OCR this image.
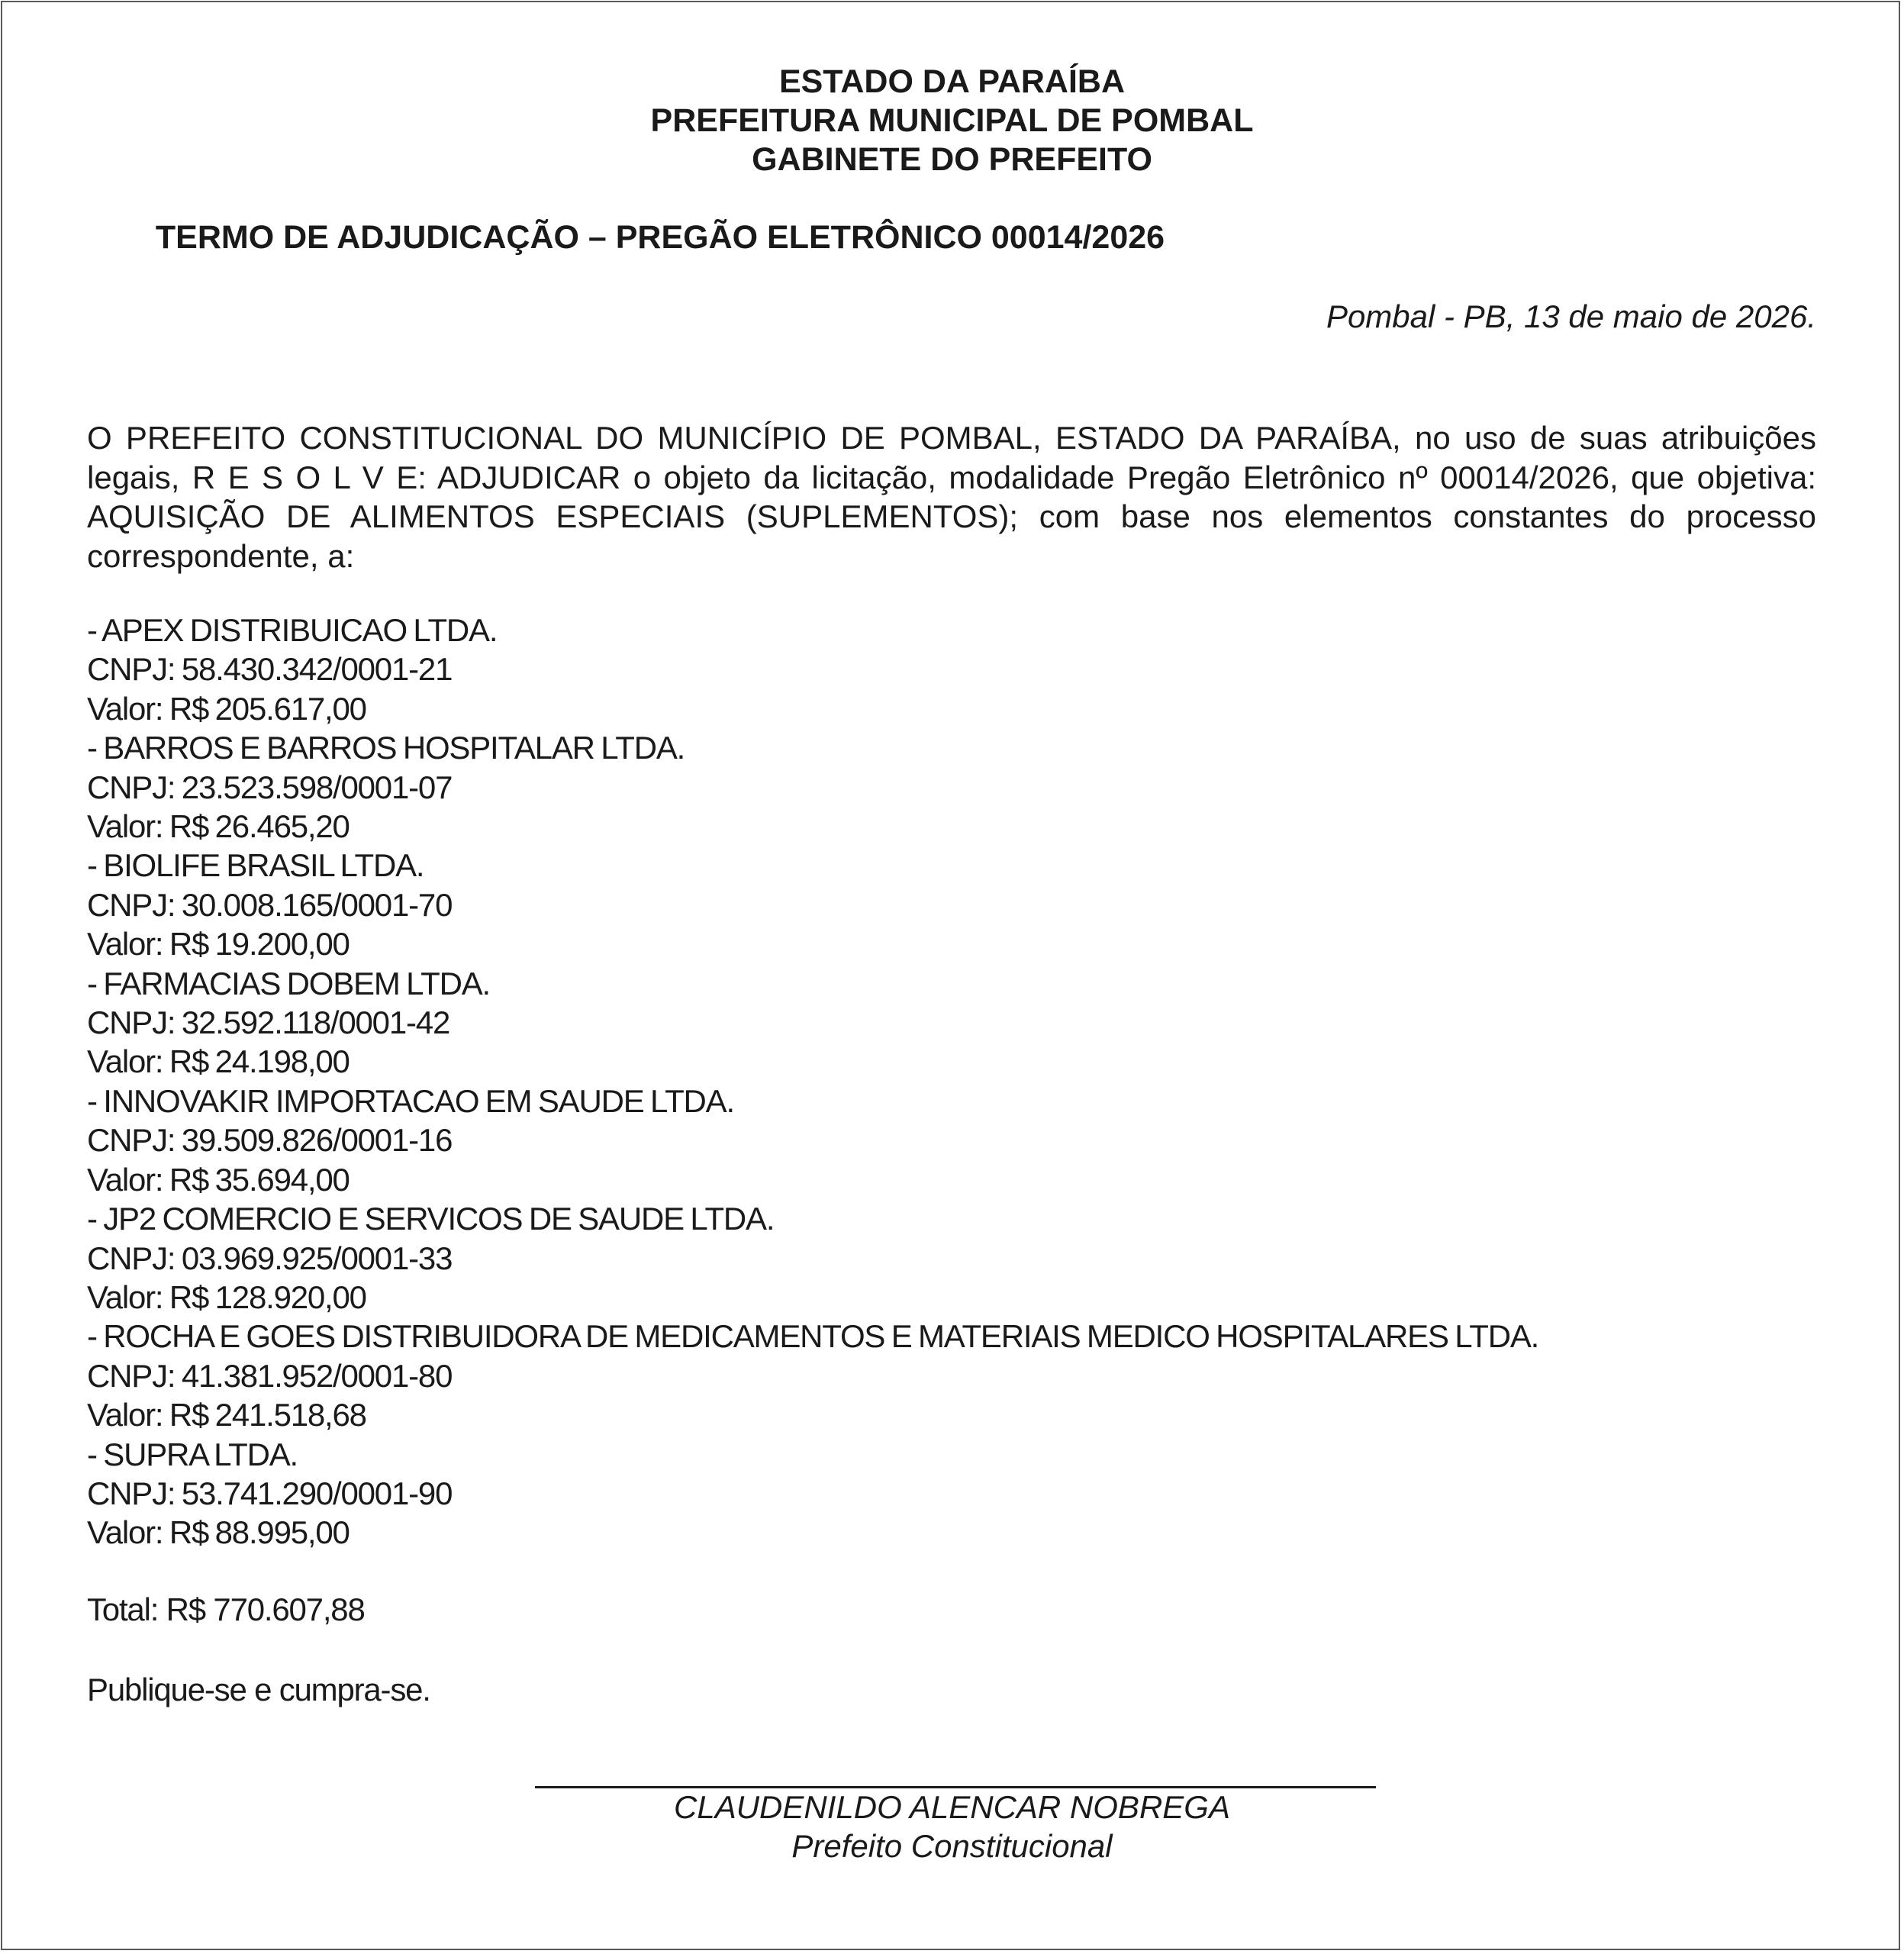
ESTADO DA PARAÍBA
PREFEITURA MUNICIPAL DE POMBAL
GABINETE DO PREFEITO
TERMO DE ADJUDICAÇÃO – PREGÃO ELETRÔNICO 00014/2026
Pombal - PB, 13 de maio de 2026.
O PREFEITO CONSTITUCIONAL DO MUNICÍPIO DE POMBAL, ESTADO DA PARAÍBA, no uso de suas atribuições legais, R E S O L V E: ADJUDICAR o objeto da licitação, modalidade Pregão Eletrônico nº 00014/2026, que objetiva: AQUISIÇÃO DE ALIMENTOS ESPECIAIS (SUPLEMENTOS); com base nos elementos constantes do processo correspondente, a:
- APEX DISTRIBUICAO LTDA.
CNPJ: 58.430.342/0001-21
Valor: R$ 205.617,00
- BARROS E BARROS HOSPITALAR LTDA.
CNPJ: 23.523.598/0001-07
Valor: R$ 26.465,20
- BIOLIFE BRASIL LTDA.
CNPJ: 30.008.165/0001-70
Valor: R$ 19.200,00
- FARMACIAS DOBEM LTDA.
CNPJ: 32.592.118/0001-42
Valor: R$ 24.198,00
- INNOVAKIR IMPORTACAO EM SAUDE LTDA.
CNPJ: 39.509.826/0001-16
Valor: R$ 35.694,00
- JP2 COMERCIO E SERVICOS DE SAUDE LTDA.
CNPJ: 03.969.925/0001-33
Valor: R$ 128.920,00
- ROCHA E GOES DISTRIBUIDORA DE MEDICAMENTOS E MATERIAIS MEDICO HOSPITALARES LTDA.
CNPJ: 41.381.952/0001-80
Valor: R$ 241.518,68
- SUPRA LTDA.
CNPJ: 53.741.290/0001-90
Valor: R$ 88.995,00
Total: R$ 770.607,88
Publique-se e cumpra-se.
CLAUDENILDO ALENCAR NOBREGA
Prefeito Constitucional
